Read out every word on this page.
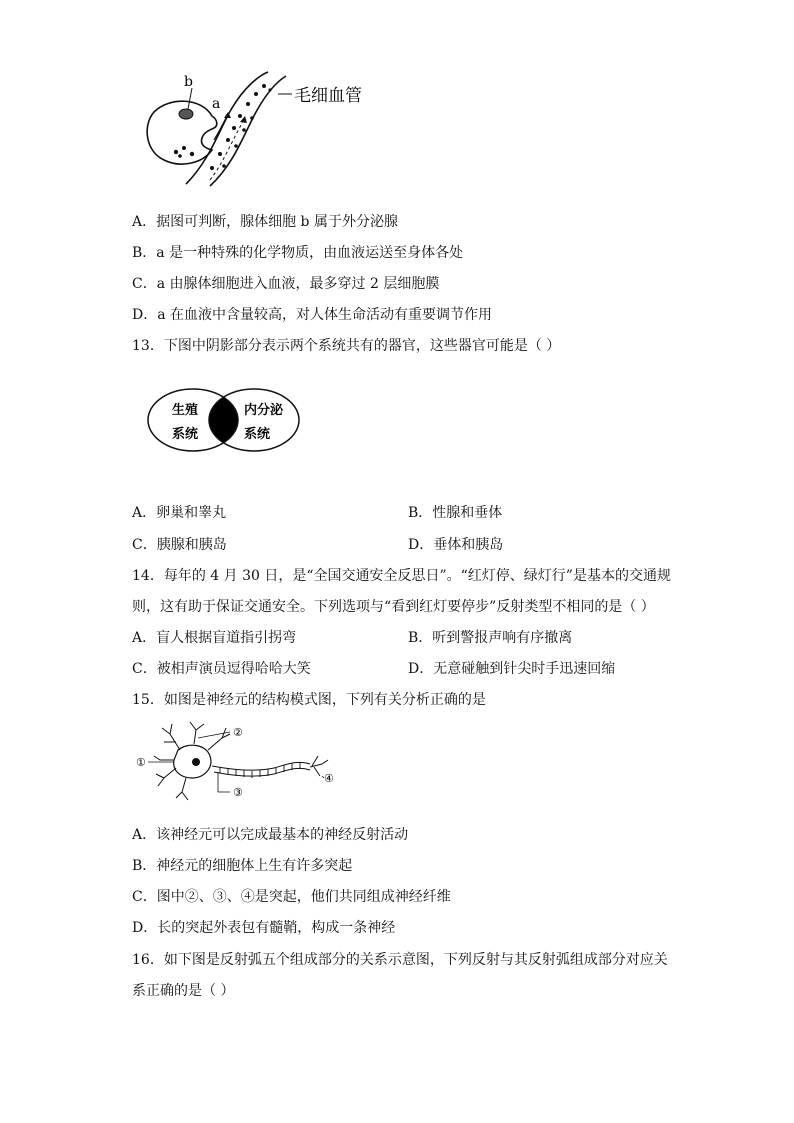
b
a	毛细血管
A．据图可判断，腺体细胞 b 属于外分泌腺
B．a 是一种特殊的化学物质，由血液运送至身体各处
C．a 由腺体细胞进入血液，最多穿过 2 层细胞膜
D．a 在血液中含量较高，对人体生命活动有重要调节作用
13．下图中阴影部分表示两个系统共有的器官，这些器官可能是（ ）
生殖
系统
内分泌
系统
A．卵巢和睾丸	B．性腺和垂体
C．胰腺和胰岛	D．垂体和胰岛
14．每年的 4 月 30 日，是“全国交通安全反思日”。“红灯停、绿灯行”是基本的交通规
则，这有助于保证交通安全。下列选项与“看到红灯要停步”反射类型不相同的是（ ）
A．盲人根据盲道指引拐弯	B．听到警报声响有序撤离
C．被相声演员逗得哈哈大笑	D．无意碰触到针尖时手迅速回缩
15．如图是神经元的结构模式图，下列有关分析正确的是
①
②
③
④
A．该神经元可以完成最基本的神经反射活动
B．神经元的细胞体上生有许多突起
C．图中②、③、④是突起，他们共同组成神经纤维
D．长的突起外表包有髓鞘，构成一条神经
16．如下图是反射弧五个组成部分的关系示意图，下列反射与其反射弧组成部分对应关
系正确的是（ ）
